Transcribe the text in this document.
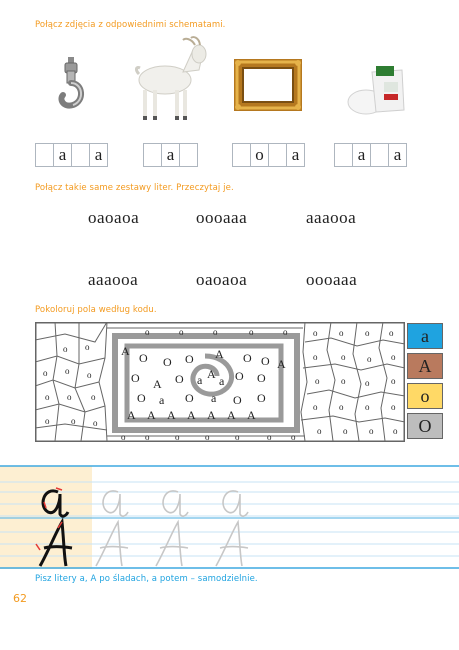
Połącz zdjęcia z odpowiednimi schematami.
a	a	a	o	a	a	a
Połącz takie same zestawy liter. Przeczytaj je.
oaoaoa	oooaaa	aaaooa
aaaooa	oaoaoa	oooaaa
Pokoloruj pola według kodu.
A O O O	O O A
O A O a
A
A a O O
O a O a O O
A A A A A A A
o o
o o o
o o o
o o o
o o o o
o	o o o
o o o o
o o o o
o o o o
o o	o	o	o	o o
o	o	o	o	o	a
A
o
O
Pisz litery a, A po śladach, a potem – samodzielnie.
62
